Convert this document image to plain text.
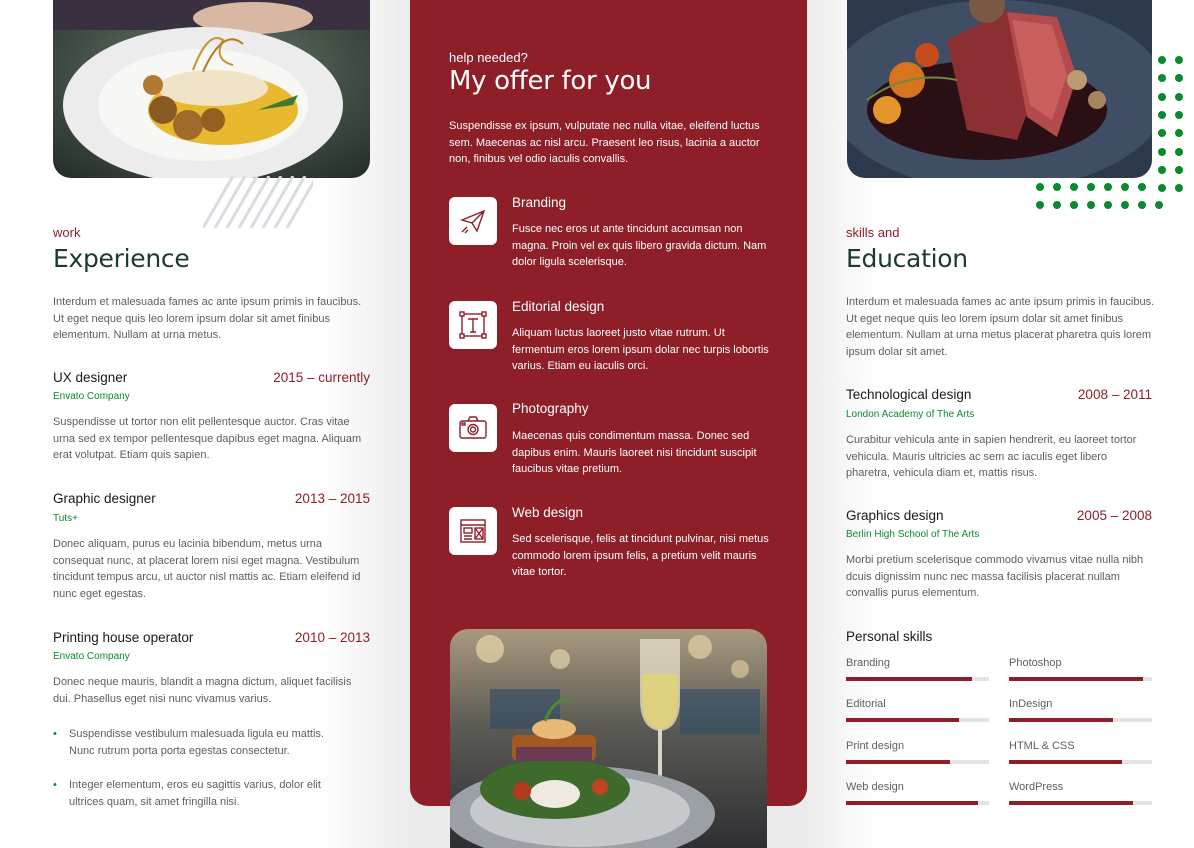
work
Experience
Interdum et malesuada fames ac ante ipsum primis in faucibus. Ut eget neque quis leo lorem ipsum dolar sit amet finibus elementum. Nullam at urna metus.
UX designer	2015 – currently
Envato Company
Suspendisse ut tortor non elit pellentesque auctor. Cras vitae urna sed ex tempor pellentesque dapibus eget magna. Aliquam erat volutpat. Etiam quis sapien.
Graphic designer	2013 – 2015
Tuts+
Donec aliquam, purus eu lacinia bibendum, metus urna consequat nunc, at placerat lorem nisi eget magna. Vestibulum tincidunt tempus arcu, ut auctor nisl mattis ac. Etiam eleifend id nunc eget egestas.
Printing house operator	2010 – 2013
Envato Company
Donec neque mauris, blandit a magna dictum, aliquet facilisis dui. Phasellus eget nisi nunc vivamus varius.
• Suspendisse vestibulum malesuada ligula eu mattis. Nunc rutrum porta porta egestas consectetur.
• Integer elementum, eros eu sagittis varius, dolor elit ultrices quam, sit amet fringilla nisi.
help needed?
My offer for you
Suspendisse ex ipsum, vulputate nec nulla vitae, eleifend luctus sem. Maecenas ac nisl arcu. Praesent leo risus, lacinia a auctor non, finibus vel odio iaculis convallis.
Branding
Fusce nec eros ut ante tincidunt accumsan non magna. Proin vel ex quis libero gravida dictum. Nam dolor ligula scelerisque.
Editorial design
Aliquam luctus laoreet justo vitae rutrum. Ut fermentum eros lorem ipsum dolar nec turpis lobortis varius. Etiam eu iaculis orci.
Photography
Maecenas quis condimentum massa. Donec sed dapibus enim. Mauris laoreet nisi tincidunt suscipit faucibus vitae pretium.
Web design
Sed scelerisque, felis at tincidunt pulvinar, nisi metus commodo lorem ipsum felis, a pretium velit mauris vitae tortor.
skills and
Education
Interdum et malesuada fames ac ante ipsum primis in faucibus. Ut eget neque quis leo lorem ipsum dolar sit amet finibus elementum. Nullam at urna metus placerat pharetra quis lorem ipsum dolar sit amet.
Technological design	2008 – 2011
London Academy of The Arts
Curabitur vehicula ante in sapien hendrerit, eu laoreet tortor vehicula. Mauris ultricies ac sem ac iaculis eget libero pharetra, vehicula diam et, mattis risus.
Graphics design	2005 – 2008
Berlin High School of The Arts
Morbi pretium scelerisque commodo vivamus vitae nulla nibh dcuis dignissim nunc nec massa facilisis placerat nullam convallis purus elementum.
Personal skills
Branding	Photoshop
Editorial	InDesign
Print design	HTML & CSS
Web design	WordPress
